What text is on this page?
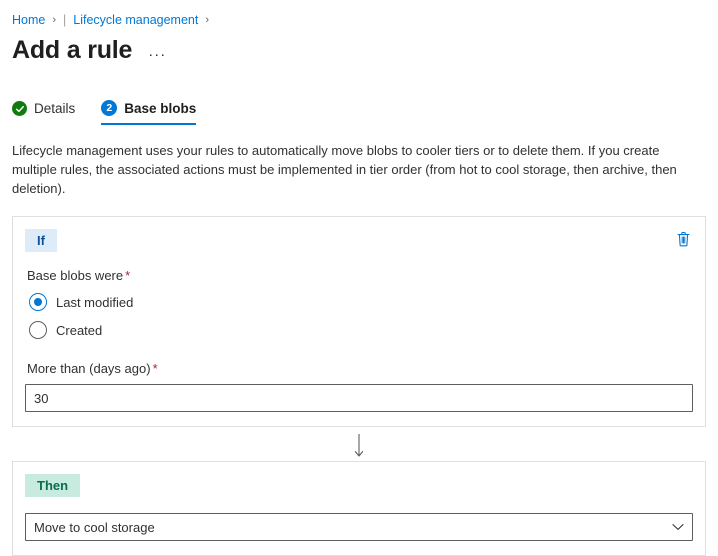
Home › | Lifecycle management ›
Add a rule ···
Details	2 Base blobs
Lifecycle management uses your rules to automatically move blobs to cooler tiers or to delete them. If you create multiple rules, the associated actions must be implemented in tier order (from hot to cool storage, then archive, then deletion).
If
Base blobs were *
Last modified
Created
More than (days ago) *
30
Then
Move to cool storage
